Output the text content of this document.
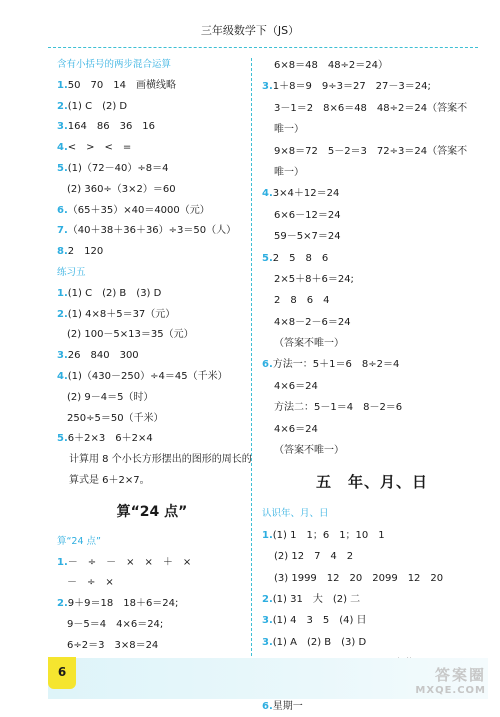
三年级数学下（JS）
含有小括号的两步混合运算
1.50　70　14　画横线略
2.(1) C　(2) D
3.164　86　36　16
4.<　>　<　=
5.(1)（72－40）÷8＝4
(2) 360÷（3×2）＝60
6.（65＋35）×40＝4000（元）
7.（40＋38＋36＋36）÷3＝50（人）
8.2　120
练习五
1.(1) C　(2) B　(3) D
2.(1) 4×8＋5＝37（元）
(2) 100－5×13＝35（元）
3.26　840　300
4.(1)（430－250）÷4＝45（千米）
(2) 9－4＝5（时）
250÷5＝50（千米）
5.6＋2×3　6＋2×4
计算用 8 个小长方形摆出的图形的周长的
算式是 6＋2×7。
算“24 点”
算“24 点”
1.－　÷　－　×　×　＋　×
－　÷　×
2.9＋9＝18　18＋6＝24;
9－5＝4　4×6＝24;
6÷2＝3　3×8＝24
6×8＝48　48÷2＝24）
3.1＋8＝9　9÷3＝27　27－3＝24;
3－1＝2　8×6＝48　48÷2＝24（答案不
唯一）
9×8＝72　5－2＝3　72÷3＝24（答案不
唯一）
4.3×4＋12＝24
6×6－12＝24
59－5×7＝24
5.2　5　8　6
2×5＋8＋6＝24;
2　8　6　4
4×8－2－6＝24
（答案不唯一）
6.方法一：5＋1＝6　8÷2＝4
4×6＝24
方法二：5－1＝4　8－2＝6
4×6＝24
（答案不唯一）
五　年、月、日
认识年、月、日
1.(1) 1　1；6　1；10　1
(2) 12　7　4　2
(3) 1999　12　20　2099　12　20
2.(1) 31　大　(2) 二
3.(1) 4　3　5　(4) 日
3.(1) A　(2) B　(3) D
6.星期一
6	答案圈
MXQE.COM
